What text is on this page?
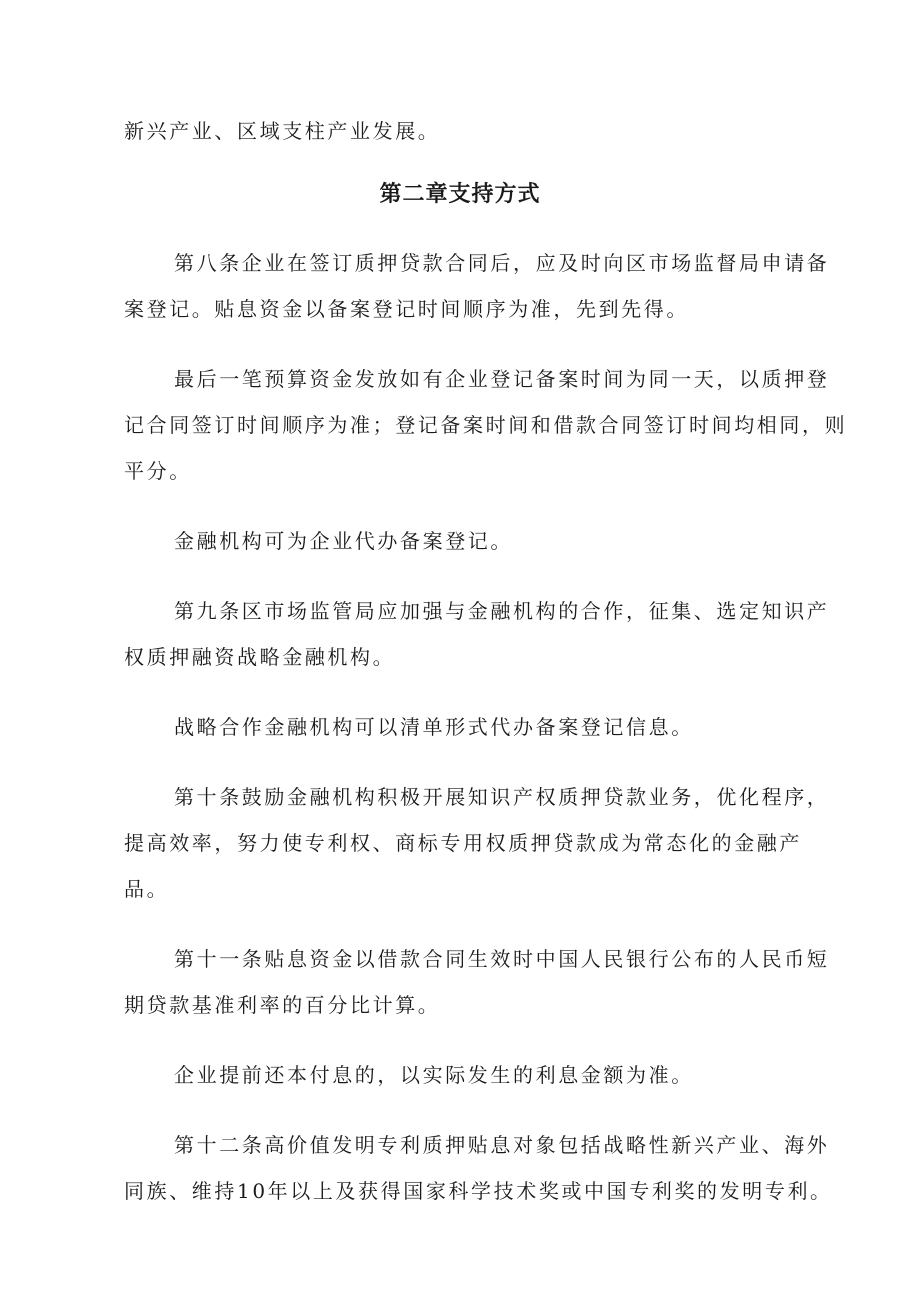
新兴产业、区域支柱产业发展。
第二章支持方式
第八条企业在签订质押贷款合同后，应及时向区市场监督局申请备
案登记。贴息资金以备案登记时间顺序为准，先到先得。
最后一笔预算资金发放如有企业登记备案时间为同一天，以质押登
记合同签订时间顺序为准；登记备案时间和借款合同签订时间均相同，则
平分。
金融机构可为企业代办备案登记。
第九条区市场监管局应加强与金融机构的合作，征集、选定知识产
权质押融资战略金融机构。
战略合作金融机构可以清单形式代办备案登记信息。
第十条鼓励金融机构积极开展知识产权质押贷款业务，优化程序，
提高效率，努力使专利权、商标专用权质押贷款成为常态化的金融产
品。
第十一条贴息资金以借款合同生效时中国人民银行公布的人民币短
期贷款基准利率的百分比计算。
企业提前还本付息的，以实际发生的利息金额为准。
第十二条高价值发明专利质押贴息对象包括战略性新兴产业、海外
同族、维持10年以上及获得国家科学技术奖或中国专利奖的发明专利。
